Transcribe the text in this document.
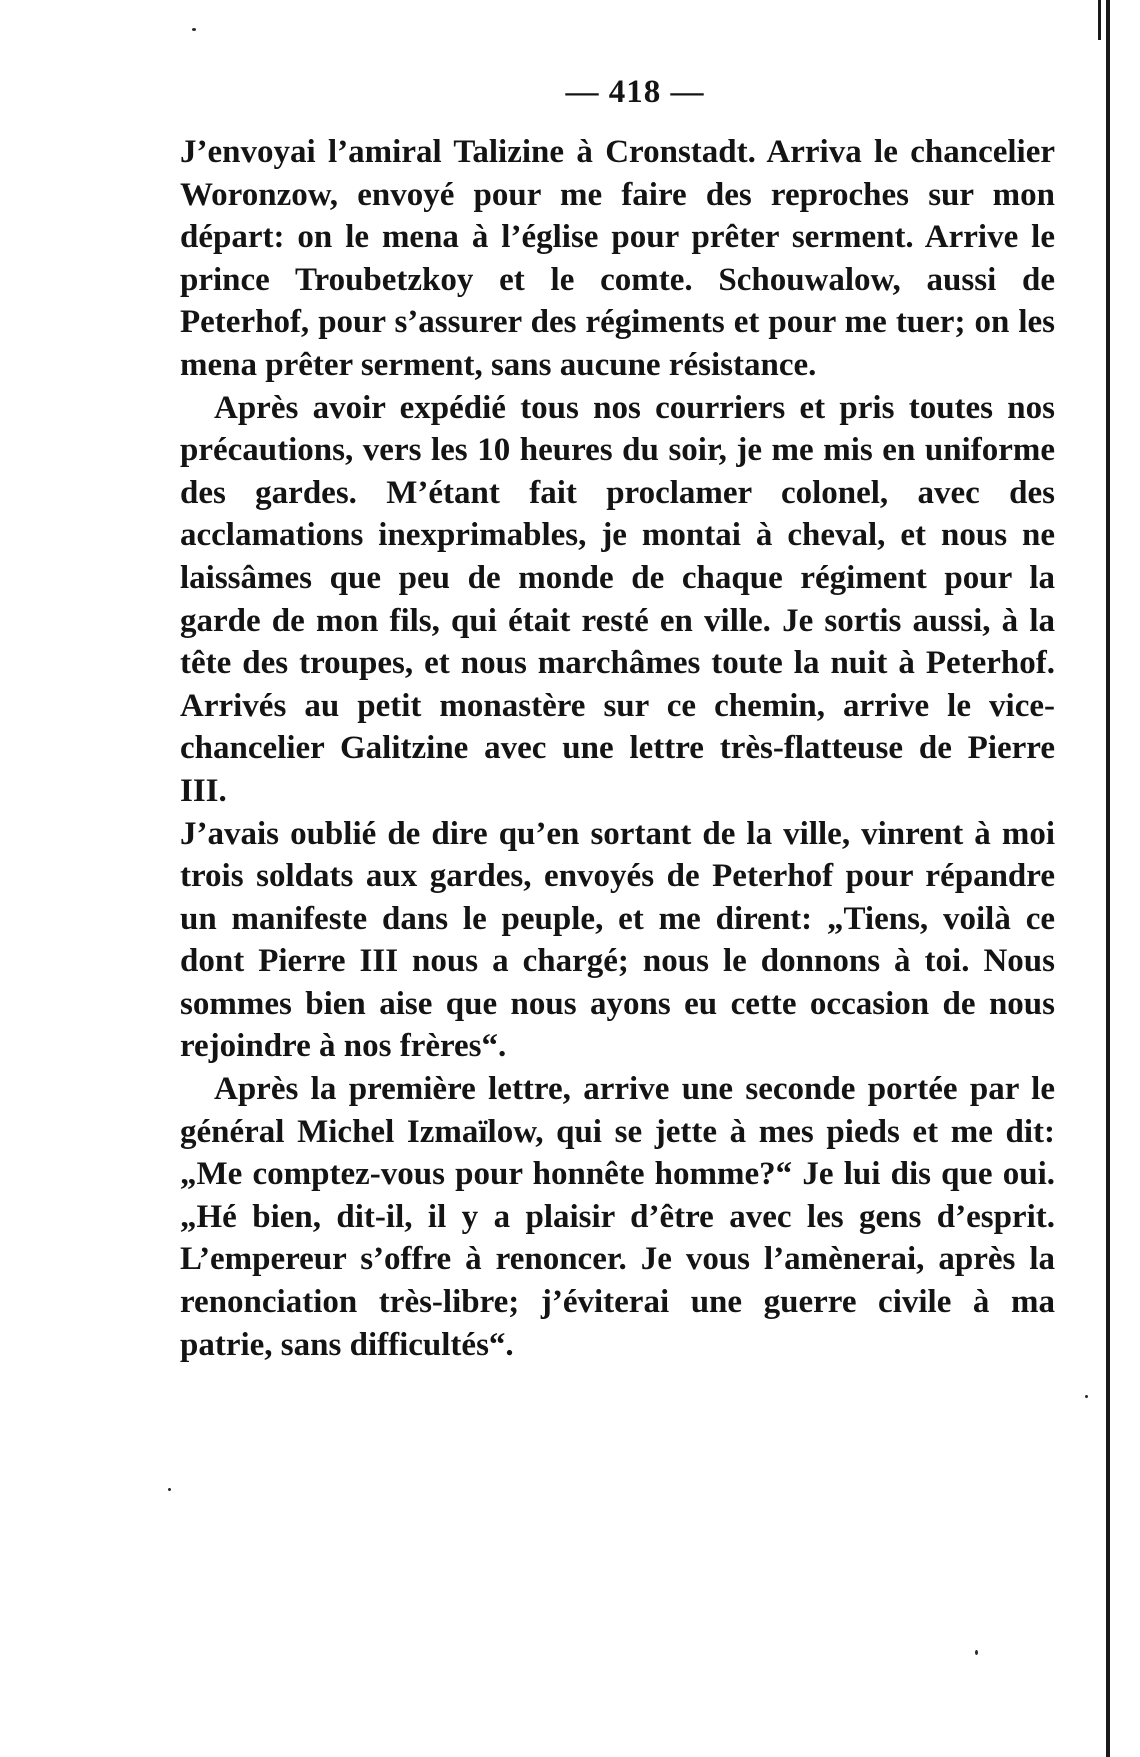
— 418 —

J’envoyai l’amiral Talizine à Cronstadt. Arriva le chancelier Woronzow, envoyé pour me faire des reproches sur mon départ: on le mena à l’église pour prêter serment. Arrive le prince Troubetzkoy et le comte. Schouwalow, aussi de Peterhof, pour s’assurer des régiments et pour me tuer; on les mena prêter serment, sans aucune résistance.

Après avoir expédié tous nos courriers et pris toutes nos précautions, vers les 10 heures du soir, je me mis en uniforme des gardes. M’étant fait proclamer colonel, avec des acclamations inexprimables, je montai à cheval, et nous ne laissâmes que peu de monde de chaque régiment pour la garde de mon fils, qui était resté en ville. Je sortis aussi, à la tête des troupes, et nous marchâmes toute la nuit à Peterhof. Arrivés au petit monastère sur ce chemin, arrive le vice-chancelier Galitzine avec une lettre très-flatteuse de Pierre III.

J’avais oublié de dire qu’en sortant de la ville, vinrent à moi trois soldats aux gardes, envoyés de Peterhof pour répandre un manifeste dans le peuple, et me dirent: „Tiens, voilà ce dont Pierre III nous a chargé; nous le donnons à toi. Nous sommes bien aise que nous ayons eu cette occasion de nous rejoindre à nos frères“.

Après la première lettre, arrive une seconde portée par le général Michel Izmaïlow, qui se jette à mes pieds et me dit: „Me comptez-vous pour honnête homme?“ Je lui dis que oui. „Hé bien, dit-il, il y a plaisir d’être avec les gens d’esprit. L’empereur s’offre à renoncer. Je vous l’amènerai, après la renonciation très-libre; j’éviterai une guerre civile à ma patrie, sans difficultés“.
